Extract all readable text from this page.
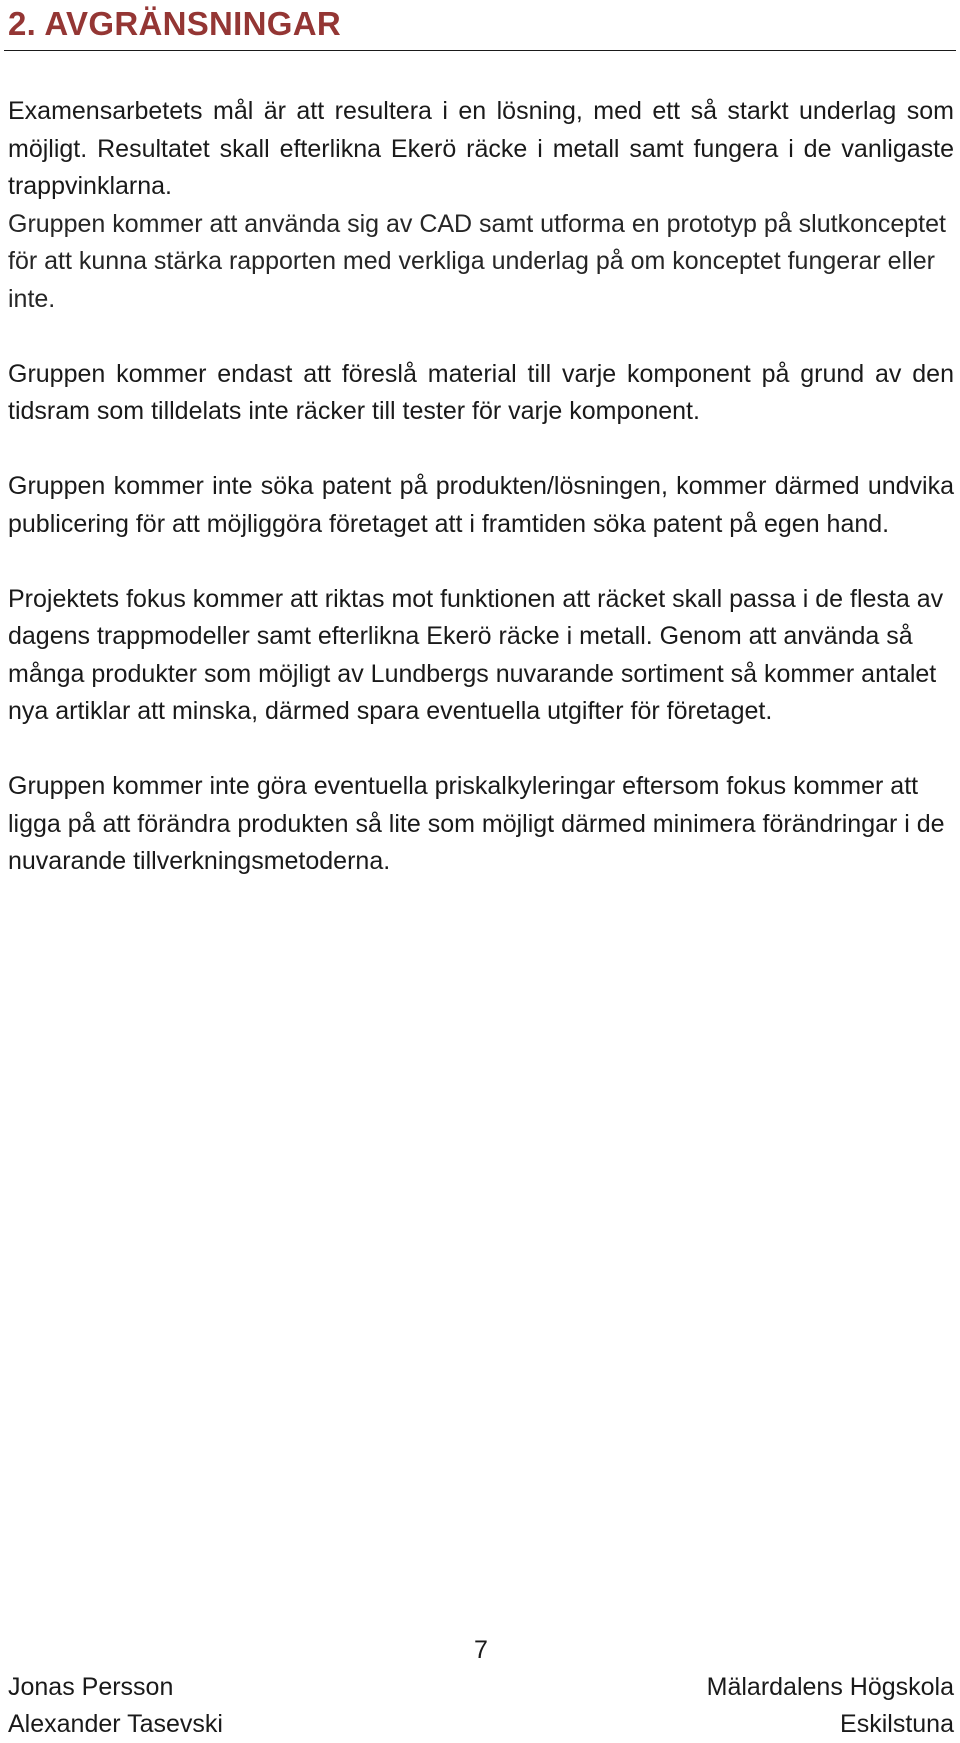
2. AVGRÄNSNINGAR

Examensarbetets mål är att resultera i en lösning, med ett så starkt underlag som möjligt. Resultatet skall efterlikna Ekerö räcke i metall samt fungera i de vanligaste trappvinklarna.

Gruppen kommer att använda sig av CAD samt utforma en prototyp på slutkonceptet för att kunna stärka rapporten med verkliga underlag på om konceptet fungerar eller inte.

Gruppen kommer endast att föreslå material till varje komponent på grund av den tidsram som tilldelats inte räcker till tester för varje komponent.

Gruppen kommer inte söka patent på produkten/lösningen, kommer därmed undvika publicering för att möjliggöra företaget att i framtiden söka patent på egen hand.

Projektets fokus kommer att riktas mot funktionen att räcket skall passa i de flesta av dagens trappmodeller samt efterlikna Ekerö räcke i metall. Genom att använda så många produkter som möjligt av Lundbergs nuvarande sortiment så kommer antalet nya artiklar att minska, därmed spara eventuella utgifter för företaget.

Gruppen kommer inte göra eventuella priskalkyleringar eftersom fokus kommer att ligga på att förändra produkten så lite som möjligt därmed minimera förändringar i de nuvarande tillverkningsmetoderna.

7
Jonas Persson
Alexander Tasevski
Mälardalens Högskola
Eskilstuna
